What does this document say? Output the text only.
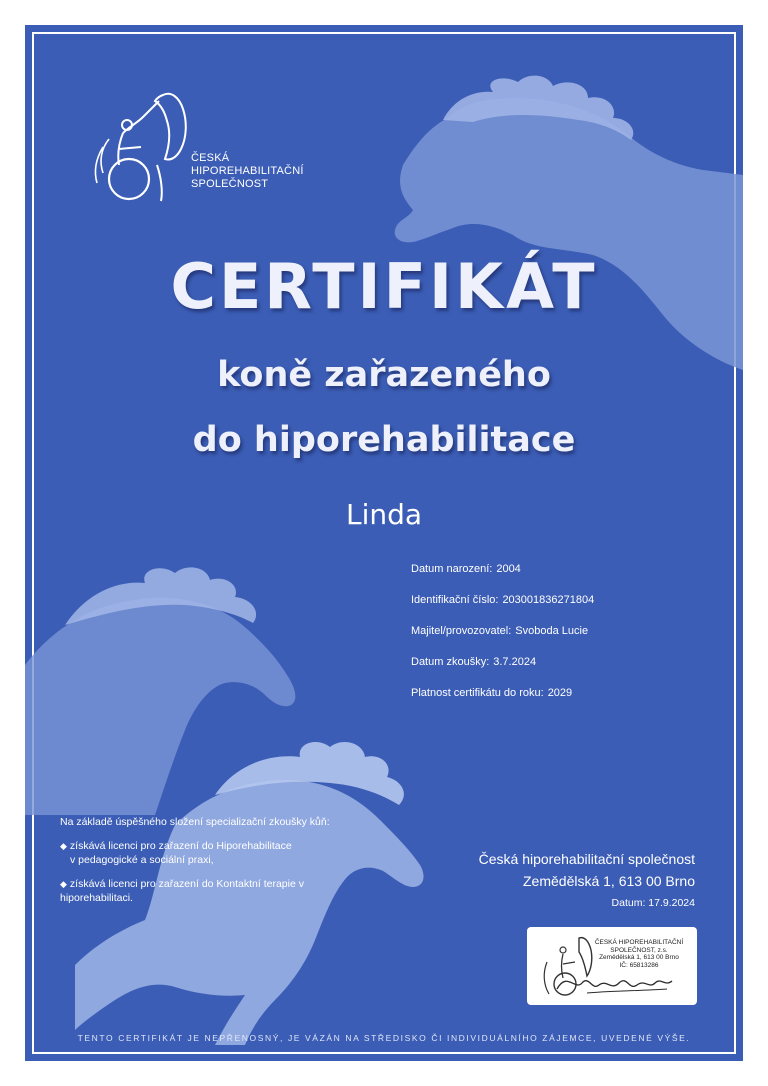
ČESKÁ
HIPOREHABILITAČNÍ
SPOLEČNOST
CERTIFIKÁT
koně zařazeného
do hiporehabilitace
Linda
Datum narození: 2004
Identifikační číslo: 203001836271804
Majitel/provozovatel: Svoboda Lucie
Datum zkoušky: 3.7.2024
Platnost certifikátu do roku: 2029
Na základě úspěšného složení specializační zkoušky kůň:
◆ získává licenci pro zařazení do Hiporehabilitace
v pedagogické a sociální praxi,
◆ získává licenci pro zařazení do Kontaktní terapie v
hiporehabilitaci.
Česká hiporehabilitační společnost
Zemědělská 1, 613 00 Brno
Datum: 17.9.2024
ČESKÁ HIPOREHABILITAČNÍ
SPOLEČNOST, z.s.
Zemědělská 1, 613 00 Brno
IČ: 65813286
TENTO CERTIFIKÁT JE NEPŘENOSNÝ, JE VÁZÁN NA STŘEDISKO ČI INDIVIDUÁLNÍHO ZÁJEMCE, UVEDENÉ VÝŠE.
